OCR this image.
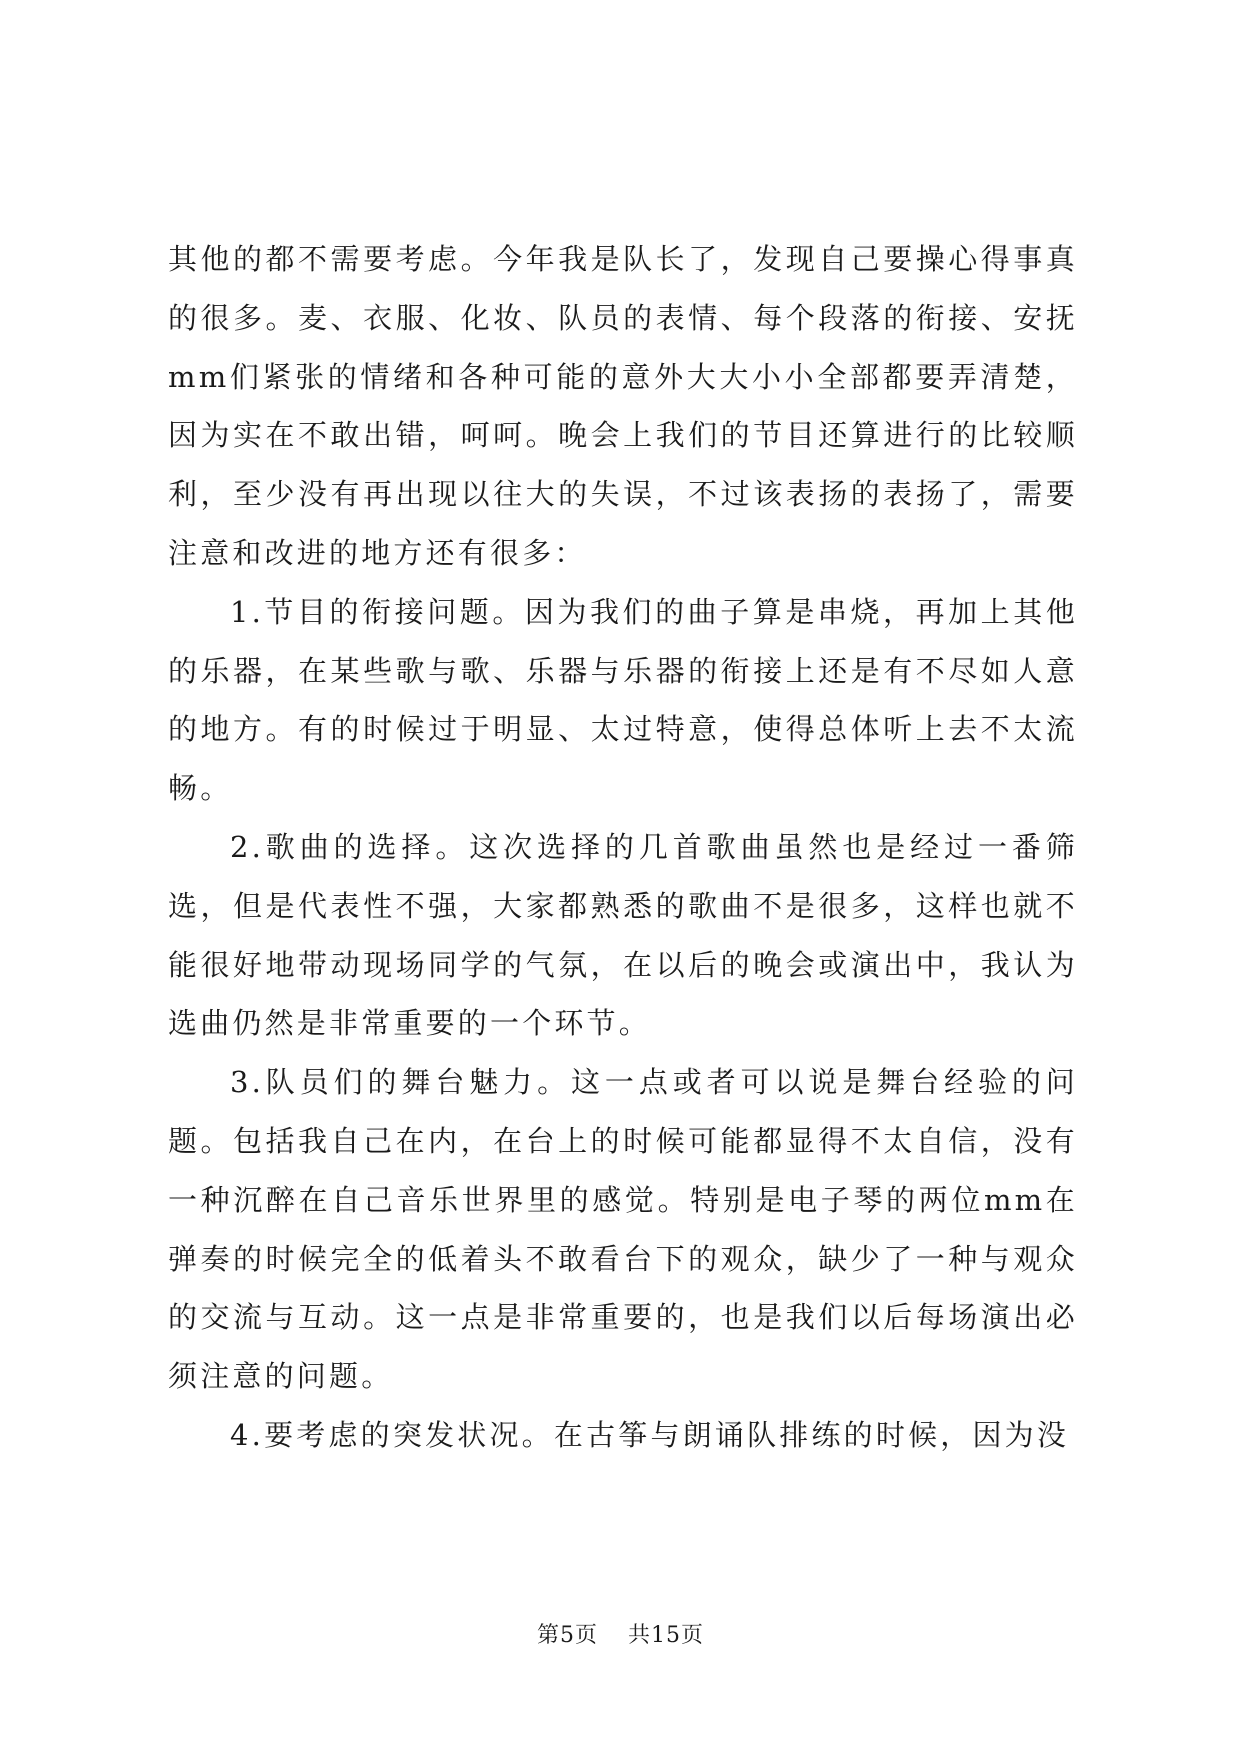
其他的都不需要考虑。今年我是队长了，发现自己要操心得事真的很多。麦、衣服、化妆、队员的表情、每个段落的衔接、安抚mm们紧张的情绪和各种可能的意外大大小小全部都要弄清楚，因为实在不敢出错，呵呵。晚会上我们的节目还算进行的比较顺利，至少没有再出现以往大的失误，不过该表扬的表扬了，需要注意和改进的地方还有很多：

1.节目的衔接问题。因为我们的曲子算是串烧，再加上其他的乐器，在某些歌与歌、乐器与乐器的衔接上还是有不尽如人意的地方。有的时候过于明显、太过特意，使得总体听上去不太流畅。

2.歌曲的选择。这次选择的几首歌曲虽然也是经过一番筛选，但是代表性不强，大家都熟悉的歌曲不是很多，这样也就不能很好地带动现场同学的气氛，在以后的晚会或演出中，我认为选曲仍然是非常重要的一个环节。

3.队员们的舞台魅力。这一点或者可以说是舞台经验的问题。包括我自己在内，在台上的时候可能都显得不太自信，没有一种沉醉在自己音乐世界里的感觉。特别是电子琴的两位mm在弹奏的时候完全的低着头不敢看台下的观众，缺少了一种与观众的交流与互动。这一点是非常重要的，也是我们以后每场演出必须注意的问题。

4.要考虑的突发状况。在古筝与朗诵队排练的时候，因为没

第5页 共15页
